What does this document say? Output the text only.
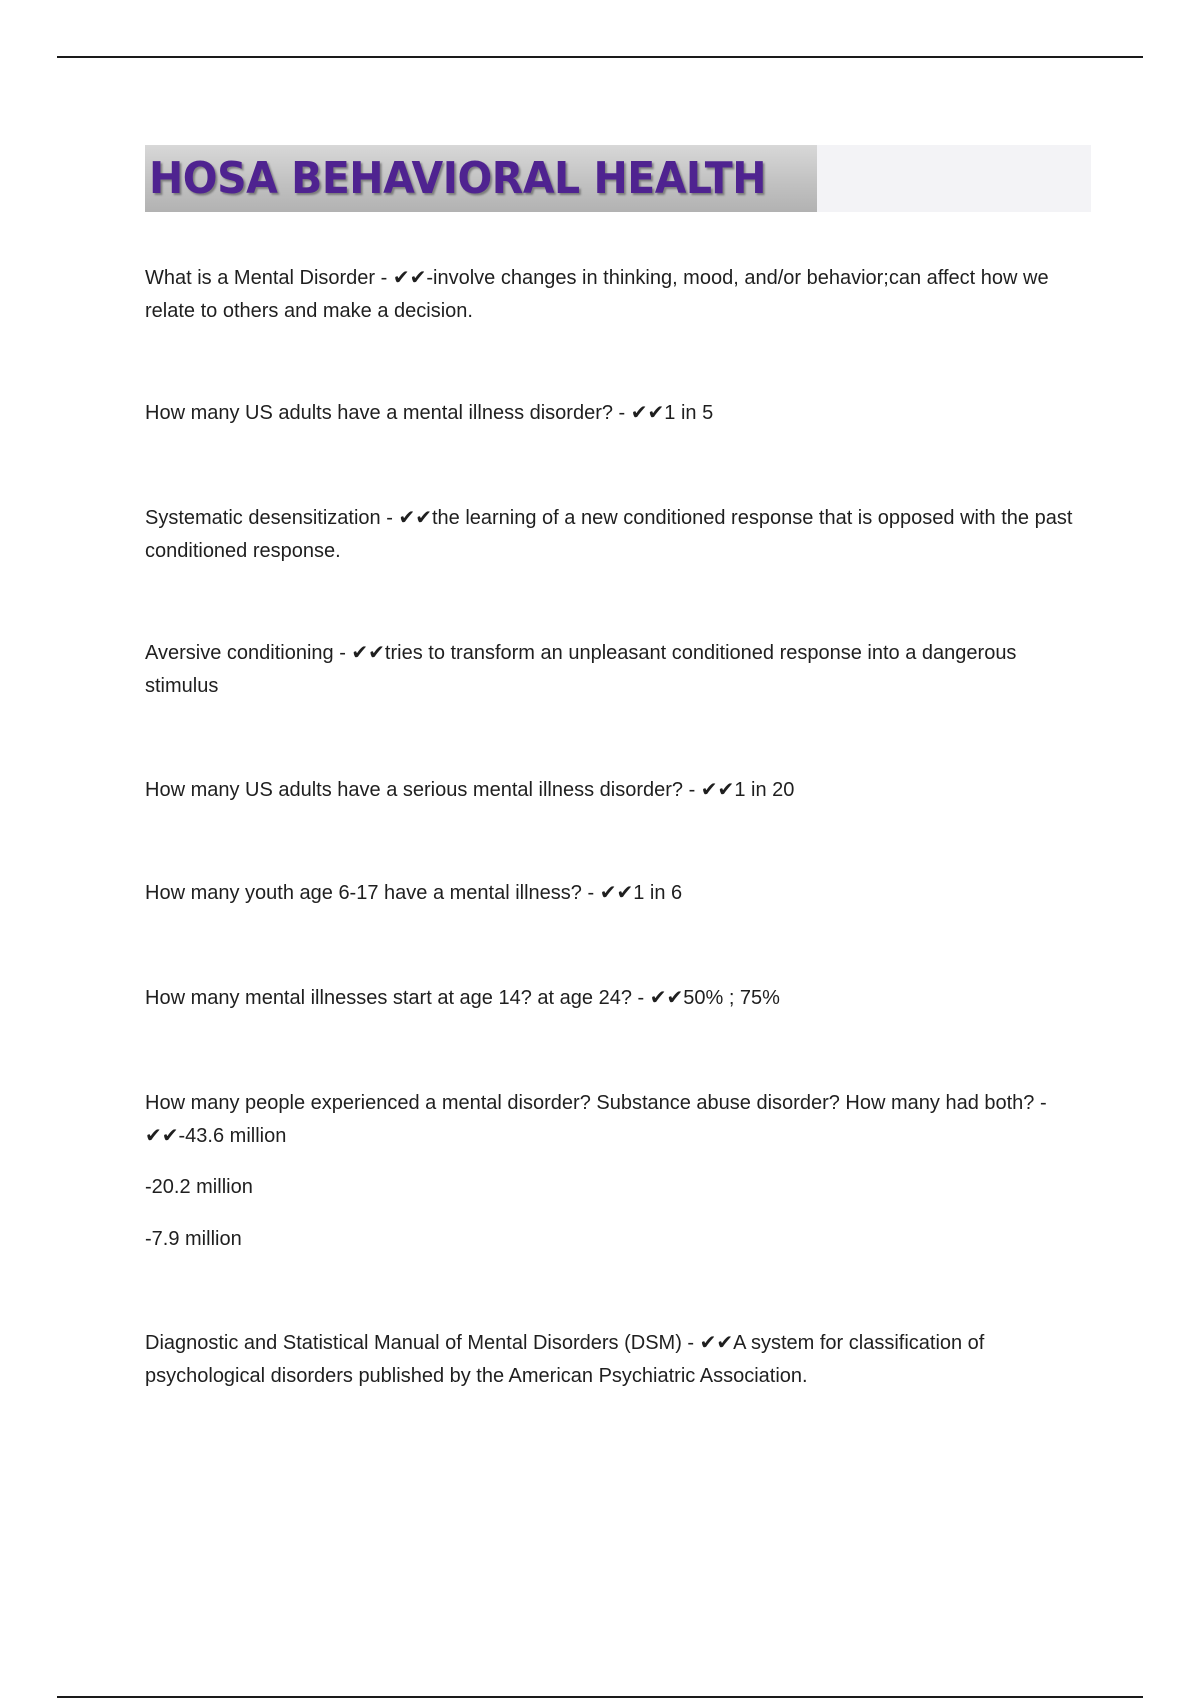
HOSA BEHAVIORAL HEALTH

What is a Mental Disorder - ✔✔-involve changes in thinking, mood, and/or behavior;can affect how we relate to others and make a decision.

How many US adults have a mental illness disorder? - ✔✔1 in 5

Systematic desensitization - ✔✔the learning of a new conditioned response that is opposed with the past conditioned response.

Aversive conditioning - ✔✔tries to transform an unpleasant conditioned response into a dangerous stimulus

How many US adults have a serious mental illness disorder? - ✔✔1 in 20

How many youth age 6-17 have a mental illness? - ✔✔1 in 6

How many mental illnesses start at age 14? at age 24? - ✔✔50% ; 75%

How many people experienced a mental disorder? Substance abuse disorder? How many had both? - ✔✔-43.6 million

-20.2 million

-7.9 million

Diagnostic and Statistical Manual of Mental Disorders (DSM) - ✔✔A system for classification of psychological disorders published by the American Psychiatric Association.
